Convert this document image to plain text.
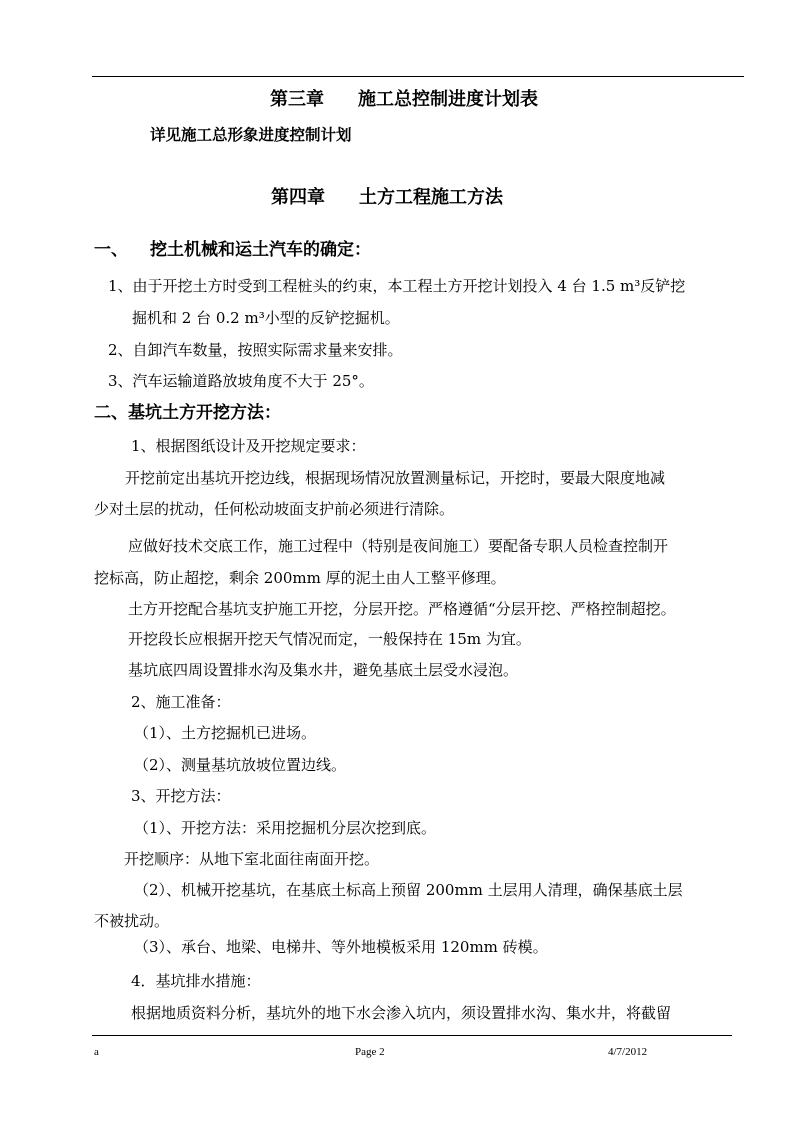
第三章 施工总控制进度计划表
详见施工总形象进度控制计划
第四章 土方工程施工方法
一、 挖土机械和运土汽车的确定：
1、由于开挖土方时受到工程桩头的约束，本工程土方开挖计划投入 4 台 1.5 m³反铲挖
掘机和 2 台 0.2 m³小型的反铲挖掘机。
2、自卸汽车数量，按照实际需求量来安排。
3、汽车运输道路放坡角度不大于 25°。
二、基坑土方开挖方法：
1、根据图纸设计及开挖规定要求：
开挖前定出基坑开挖边线，根据现场情况放置测量标记，开挖时，要最大限度地减
少对土层的扰动，任何松动坡面支护前必须进行清除。
应做好技术交底工作，施工过程中（特别是夜间施工）要配备专职人员检查控制开
挖标高，防止超挖，剩余 200mm 厚的泥土由人工整平修理。
土方开挖配合基坑支护施工开挖，分层开挖。严格遵循“分层开挖、严格控制超挖。
开挖段长应根据开挖天气情况而定，一般保持在 15m 为宜。
基坑底四周设置排水沟及集水井，避免基底土层受水浸泡。
2、施工准备：
（1）、土方挖掘机已进场。
（2）、测量基坑放坡位置边线。
3、开挖方法：
（1）、开挖方法：采用挖掘机分层次挖到底。
开挖顺序：从地下室北面往南面开挖。
（2）、机械开挖基坑，在基底土标高上预留 200mm 土层用人清理，确保基底土层
不被扰动。
（3）、承台、地梁、电梯井、等外地模板采用 120mm 砖模。
4．基坑排水措施：
根据地质资料分析，基坑外的地下水会渗入坑内，须设置排水沟、集水井，将截留
a	Page 2	4/7/2012
